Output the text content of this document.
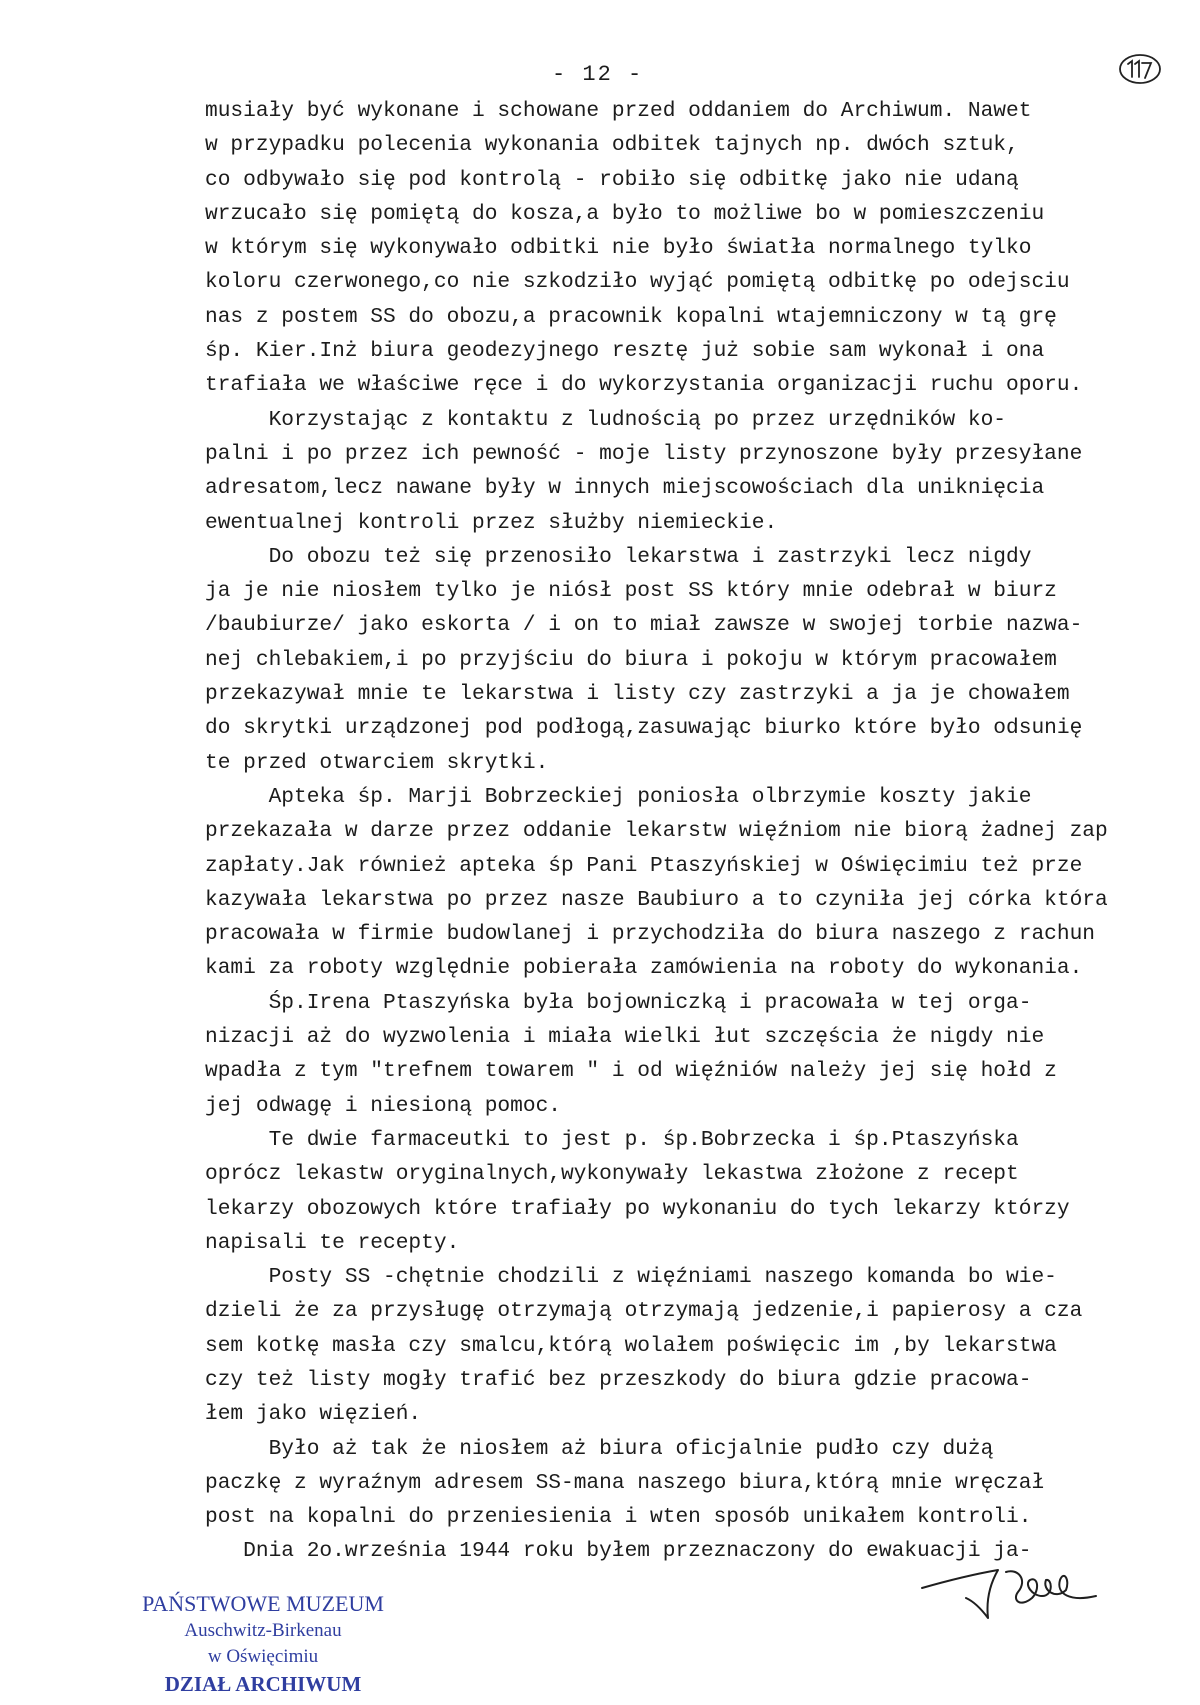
- 12 -
musiały być wykonane i schowane przed oddaniem do Archiwum. Nawet
w przypadku polecenia wykonania odbitek tajnych np. dwóch sztuk,
co odbywało się pod kontrolą - robiło się odbitkę jako nie udaną
wrzucało się pomiętą do kosza,a było to możliwe bo w pomieszczeniu
w którym się wykonywało odbitki nie było światła normalnego tylko
koloru czerwonego,co nie szkodziło wyjąć pomiętą odbitkę po odejsciu
nas z postem SS do obozu,a pracownik kopalni wtajemniczony w tą grę
śp. Kier.Inż biura geodezyjnego resztę już sobie sam wykonał i ona
trafiała we właściwe ręce i do wykorzystania organizacji ruchu oporu.
Korzystając z kontaktu z ludnością po przez urzędników ko-
palni i po przez ich pewność - moje listy przynoszone były przesyłane
adresatom,lecz nawane były w innych miejscowościach dla uniknięcia
ewentualnej kontroli przez służby niemieckie.
Do obozu też się przenosiło lekarstwa i zastrzyki lecz nigdy
ja je nie niosłem tylko je niósł post SS który mnie odebrał w biurz
/baubiurze/ jako eskorta / i on to miał zawsze w swojej torbie nazwa-
nej chlebakiem,i po przyjściu do biura i pokoju w którym pracowałem
przekazywał mnie te lekarstwa i listy czy zastrzyki a ja je chowałem
do skrytki urządzonej pod podłogą,zasuwając biurko które było odsunię
te przed otwarciem skrytki.
Apteka śp. Marji Bobrzeckiej poniosła olbrzymie koszty jakie
przekazała w darze przez oddanie lekarstw więźniom nie biorą żadnej zap
zapłaty.Jak również apteka śp Pani Ptaszyńskiej w Oświęcimiu też prze
kazywała lekarstwa po przez nasze Baubiuro a to czyniła jej córka która
pracowała w firmie budowlanej i przychodziła do biura naszego z rachun
kami za roboty względnie pobierała zamówienia na roboty do wykonania.
Śp.Irena Ptaszyńska była bojowniczką i pracowała w tej orga-
nizacji aż do wyzwolenia i miała wielki łut szczęścia że nigdy nie
wpadła z tym "trefnem towarem " i od więźniów należy jej się hołd z
jej odwagę i niesioną pomoc.
Te dwie farmaceutki to jest p. śp.Bobrzecka i śp.Ptaszyńska
oprócz lekastw oryginalnych,wykonywały lekastwa złożone z recept
lekarzy obozowych które trafiały po wykonaniu do tych lekarzy którzy
napisali te recepty.
Posty SS -chętnie chodzili z więźniami naszego komanda bo wie-
dzieli że za przysługę otrzymają otrzymają jedzenie,i papierosy a cza
sem kotkę masła czy smalcu,którą wolałem poświęcic im ,by lekarstwa
czy też listy mogły trafić bez przeszkody do biura gdzie pracowa-
łem jako więzień.
Było aż tak że niosłem aż biura oficjalnie pudło czy dużą
paczkę z wyraźnym adresem SS-mana naszego biura,którą mnie wręczał
post na kopalni do przeniesienia i wten sposób unikałem kontroli.
Dnia 2o.września 1944 roku byłem przeznaczony do ewakuacji ja-
PAŃSTWOWE MUZEUM
Auschwitz-Birkenau
w Oświęcimiu
DZIAŁ ARCHIWUM
